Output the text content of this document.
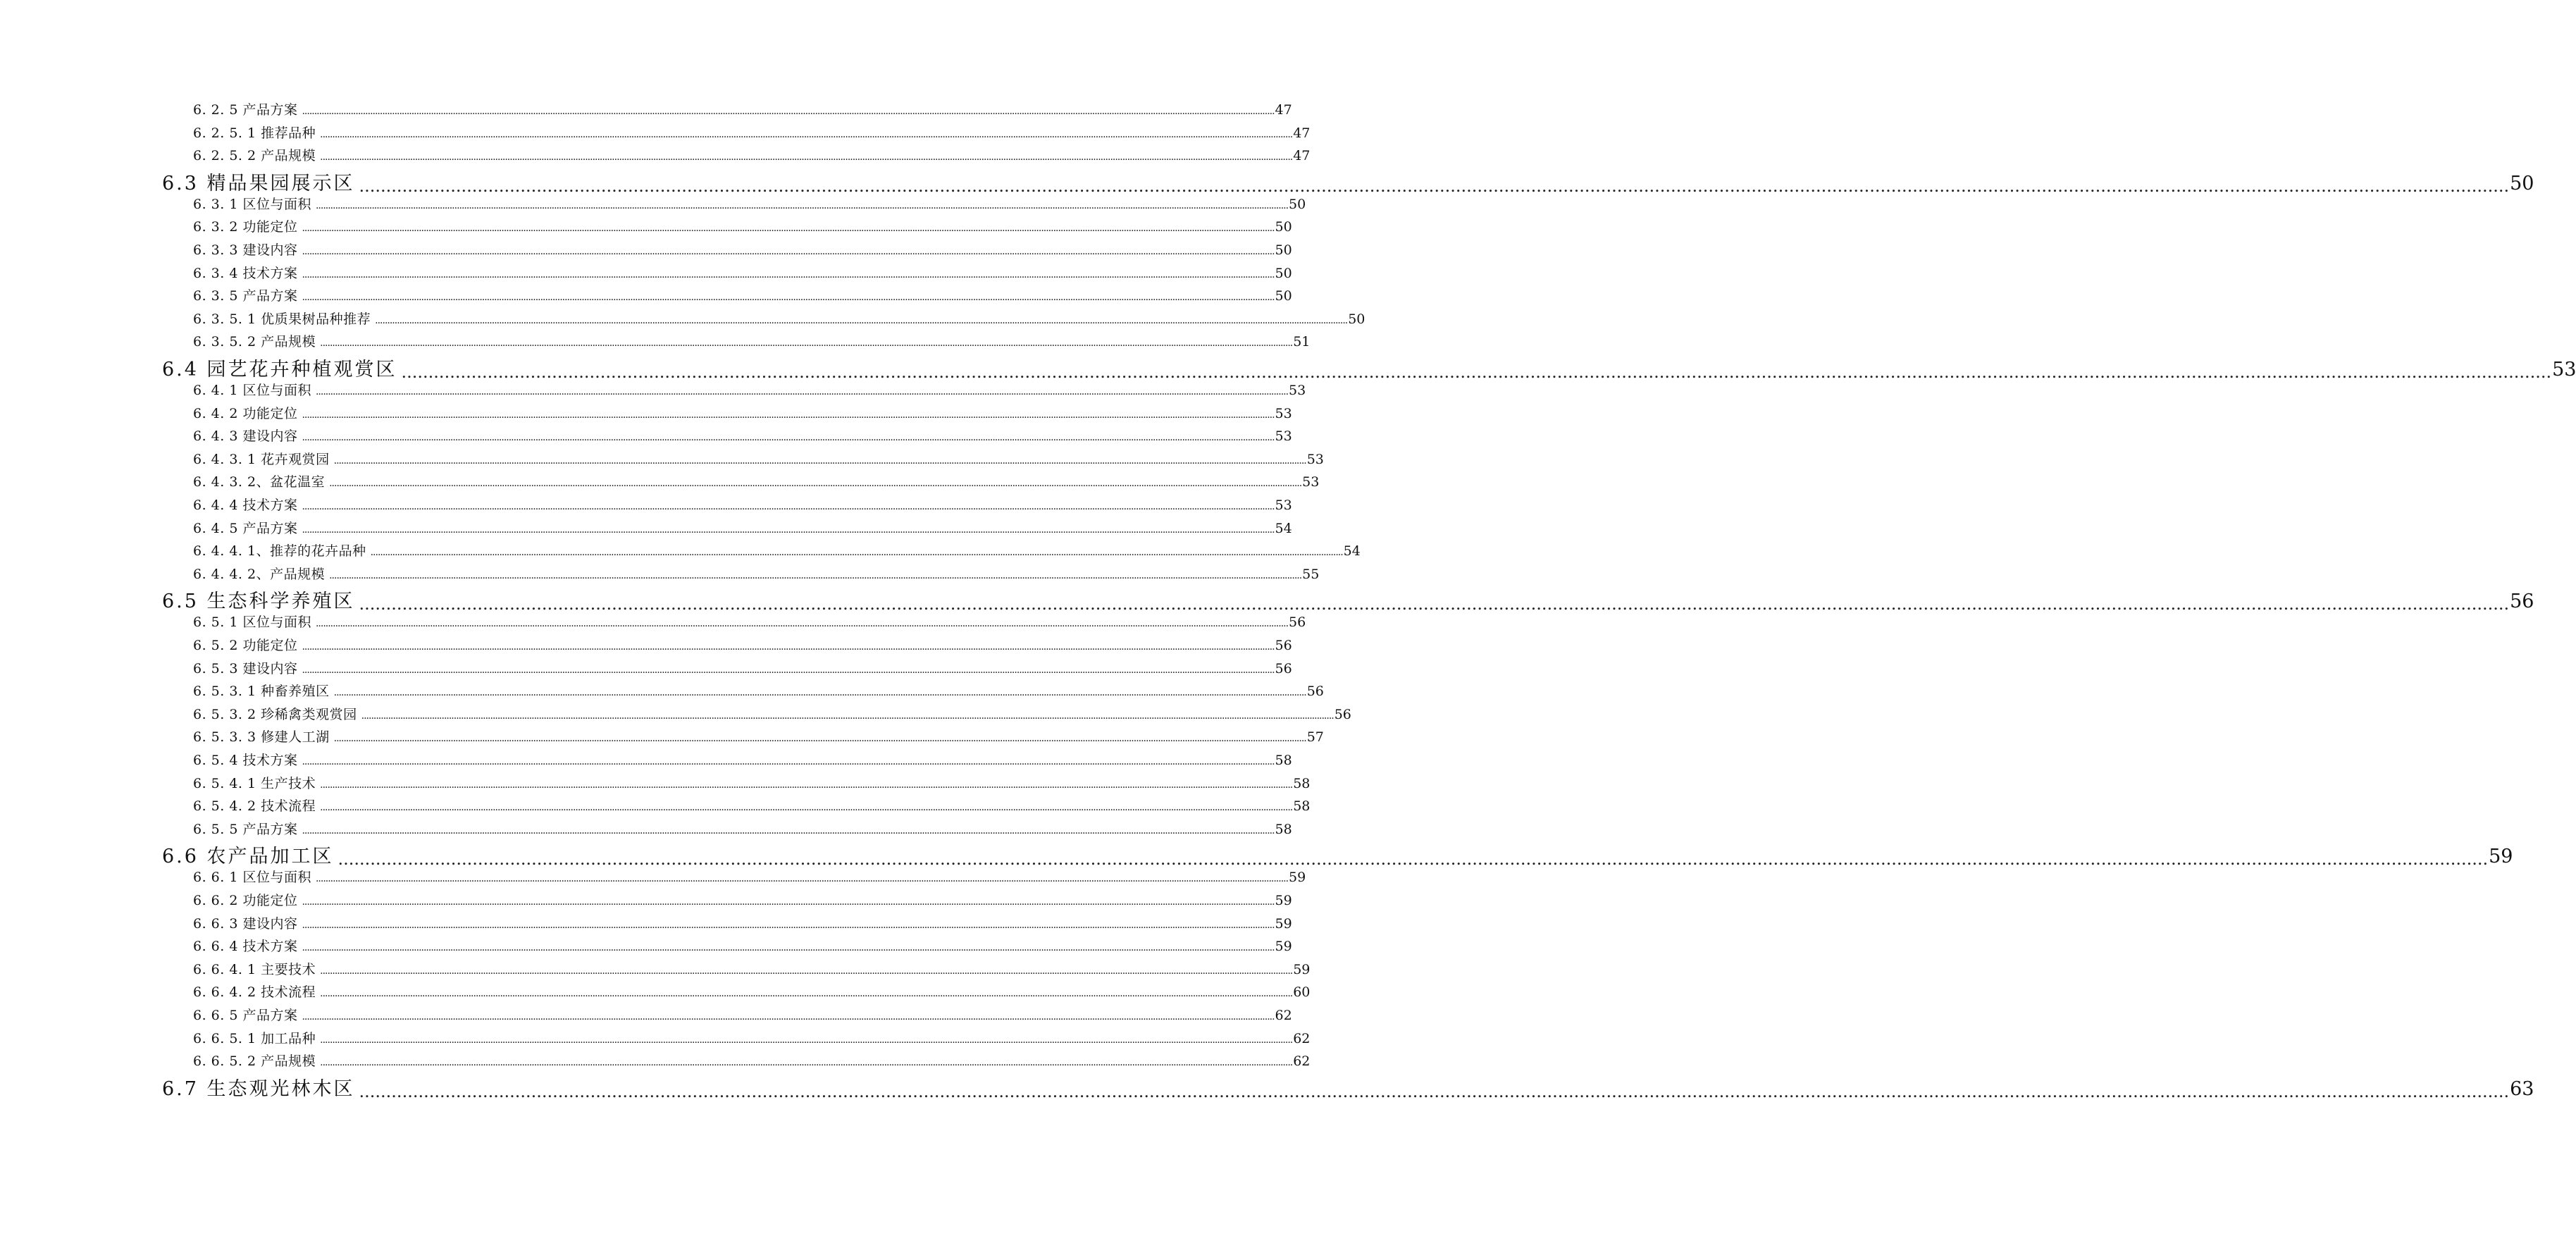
6. 2. 5 产品方案 ................................................................................................................................................................................................................................................................................................................................................................................................................ 47
6. 2. 5. 1 推荐品种 ................................................................................................................................................................................................................................................................................................................................................................................................................ 47
6. 2. 5. 2 产品规模 ................................................................................................................................................................................................................................................................................................................................................................................................................ 47
6.3 精品果园展示区 ................................................................................................................................................................................................................................................................................................................................................................................................................ 50
6. 3. 1 区位与面积 ................................................................................................................................................................................................................................................................................................................................................................................................................ 50
6. 3. 2 功能定位 ................................................................................................................................................................................................................................................................................................................................................................................................................ 50
6. 3. 3 建设内容 ................................................................................................................................................................................................................................................................................................................................................................................................................ 50
6. 3. 4 技术方案 ................................................................................................................................................................................................................................................................................................................................................................................................................ 50
6. 3. 5 产品方案 ................................................................................................................................................................................................................................................................................................................................................................................................................ 50
6. 3. 5. 1 优质果树品种推荐 ................................................................................................................................................................................................................................................................................................................................................................................................................ 50
6. 3. 5. 2 产品规模 ................................................................................................................................................................................................................................................................................................................................................................................................................ 51
6.4 园艺花卉种植观赏区 ................................................................................................................................................................................................................................................................................................................................................................................................................ 53
6. 4. 1 区位与面积 ................................................................................................................................................................................................................................................................................................................................................................................................................ 53
6. 4. 2 功能定位 ................................................................................................................................................................................................................................................................................................................................................................................................................ 53
6. 4. 3 建设内容 ................................................................................................................................................................................................................................................................................................................................................................................................................ 53
6. 4. 3. 1 花卉观赏园 ................................................................................................................................................................................................................................................................................................................................................................................................................ 53
6. 4. 3. 2、盆花温室 ................................................................................................................................................................................................................................................................................................................................................................................................................ 53
6. 4. 4 技术方案 ................................................................................................................................................................................................................................................................................................................................................................................................................ 53
6. 4. 5 产品方案 ................................................................................................................................................................................................................................................................................................................................................................................................................ 54
6. 4. 4. 1、推荐的花卉品种 ................................................................................................................................................................................................................................................................................................................................................................................................................ 54
6. 4. 4. 2、产品规模 ................................................................................................................................................................................................................................................................................................................................................................................................................ 55
6.5 生态科学养殖区 ................................................................................................................................................................................................................................................................................................................................................................................................................ 56
6. 5. 1 区位与面积 ................................................................................................................................................................................................................................................................................................................................................................................................................ 56
6. 5. 2 功能定位 ................................................................................................................................................................................................................................................................................................................................................................................................................ 56
6. 5. 3 建设内容 ................................................................................................................................................................................................................................................................................................................................................................................................................ 56
6. 5. 3. 1 种畜养殖区 ................................................................................................................................................................................................................................................................................................................................................................................................................ 56
6. 5. 3. 2 珍稀禽类观赏园 ................................................................................................................................................................................................................................................................................................................................................................................................................ 56
6. 5. 3. 3 修建人工湖 ................................................................................................................................................................................................................................................................................................................................................................................................................ 57
6. 5. 4 技术方案 ................................................................................................................................................................................................................................................................................................................................................................................................................ 58
6. 5. 4. 1 生产技术 ................................................................................................................................................................................................................................................................................................................................................................................................................ 58
6. 5. 4. 2 技术流程 ................................................................................................................................................................................................................................................................................................................................................................................................................ 58
6. 5. 5 产品方案 ................................................................................................................................................................................................................................................................................................................................................................................................................ 58
6.6 农产品加工区 ................................................................................................................................................................................................................................................................................................................................................................................................................ 59
6. 6. 1 区位与面积 ................................................................................................................................................................................................................................................................................................................................................................................................................ 59
6. 6. 2 功能定位 ................................................................................................................................................................................................................................................................................................................................................................................................................ 59
6. 6. 3 建设内容 ................................................................................................................................................................................................................................................................................................................................................................................................................ 59
6. 6. 4 技术方案 ................................................................................................................................................................................................................................................................................................................................................................................................................ 59
6. 6. 4. 1 主要技术 ................................................................................................................................................................................................................................................................................................................................................................................................................ 59
6. 6. 4. 2 技术流程 ................................................................................................................................................................................................................................................................................................................................................................................................................ 60
6. 6. 5 产品方案 ................................................................................................................................................................................................................................................................................................................................................................................................................ 62
6. 6. 5. 1 加工品种 ................................................................................................................................................................................................................................................................................................................................................................................................................ 62
6. 6. 5. 2 产品规模 ................................................................................................................................................................................................................................................................................................................................................................................................................ 62
6.7 生态观光林木区 ................................................................................................................................................................................................................................................................................................................................................................................................................ 63
